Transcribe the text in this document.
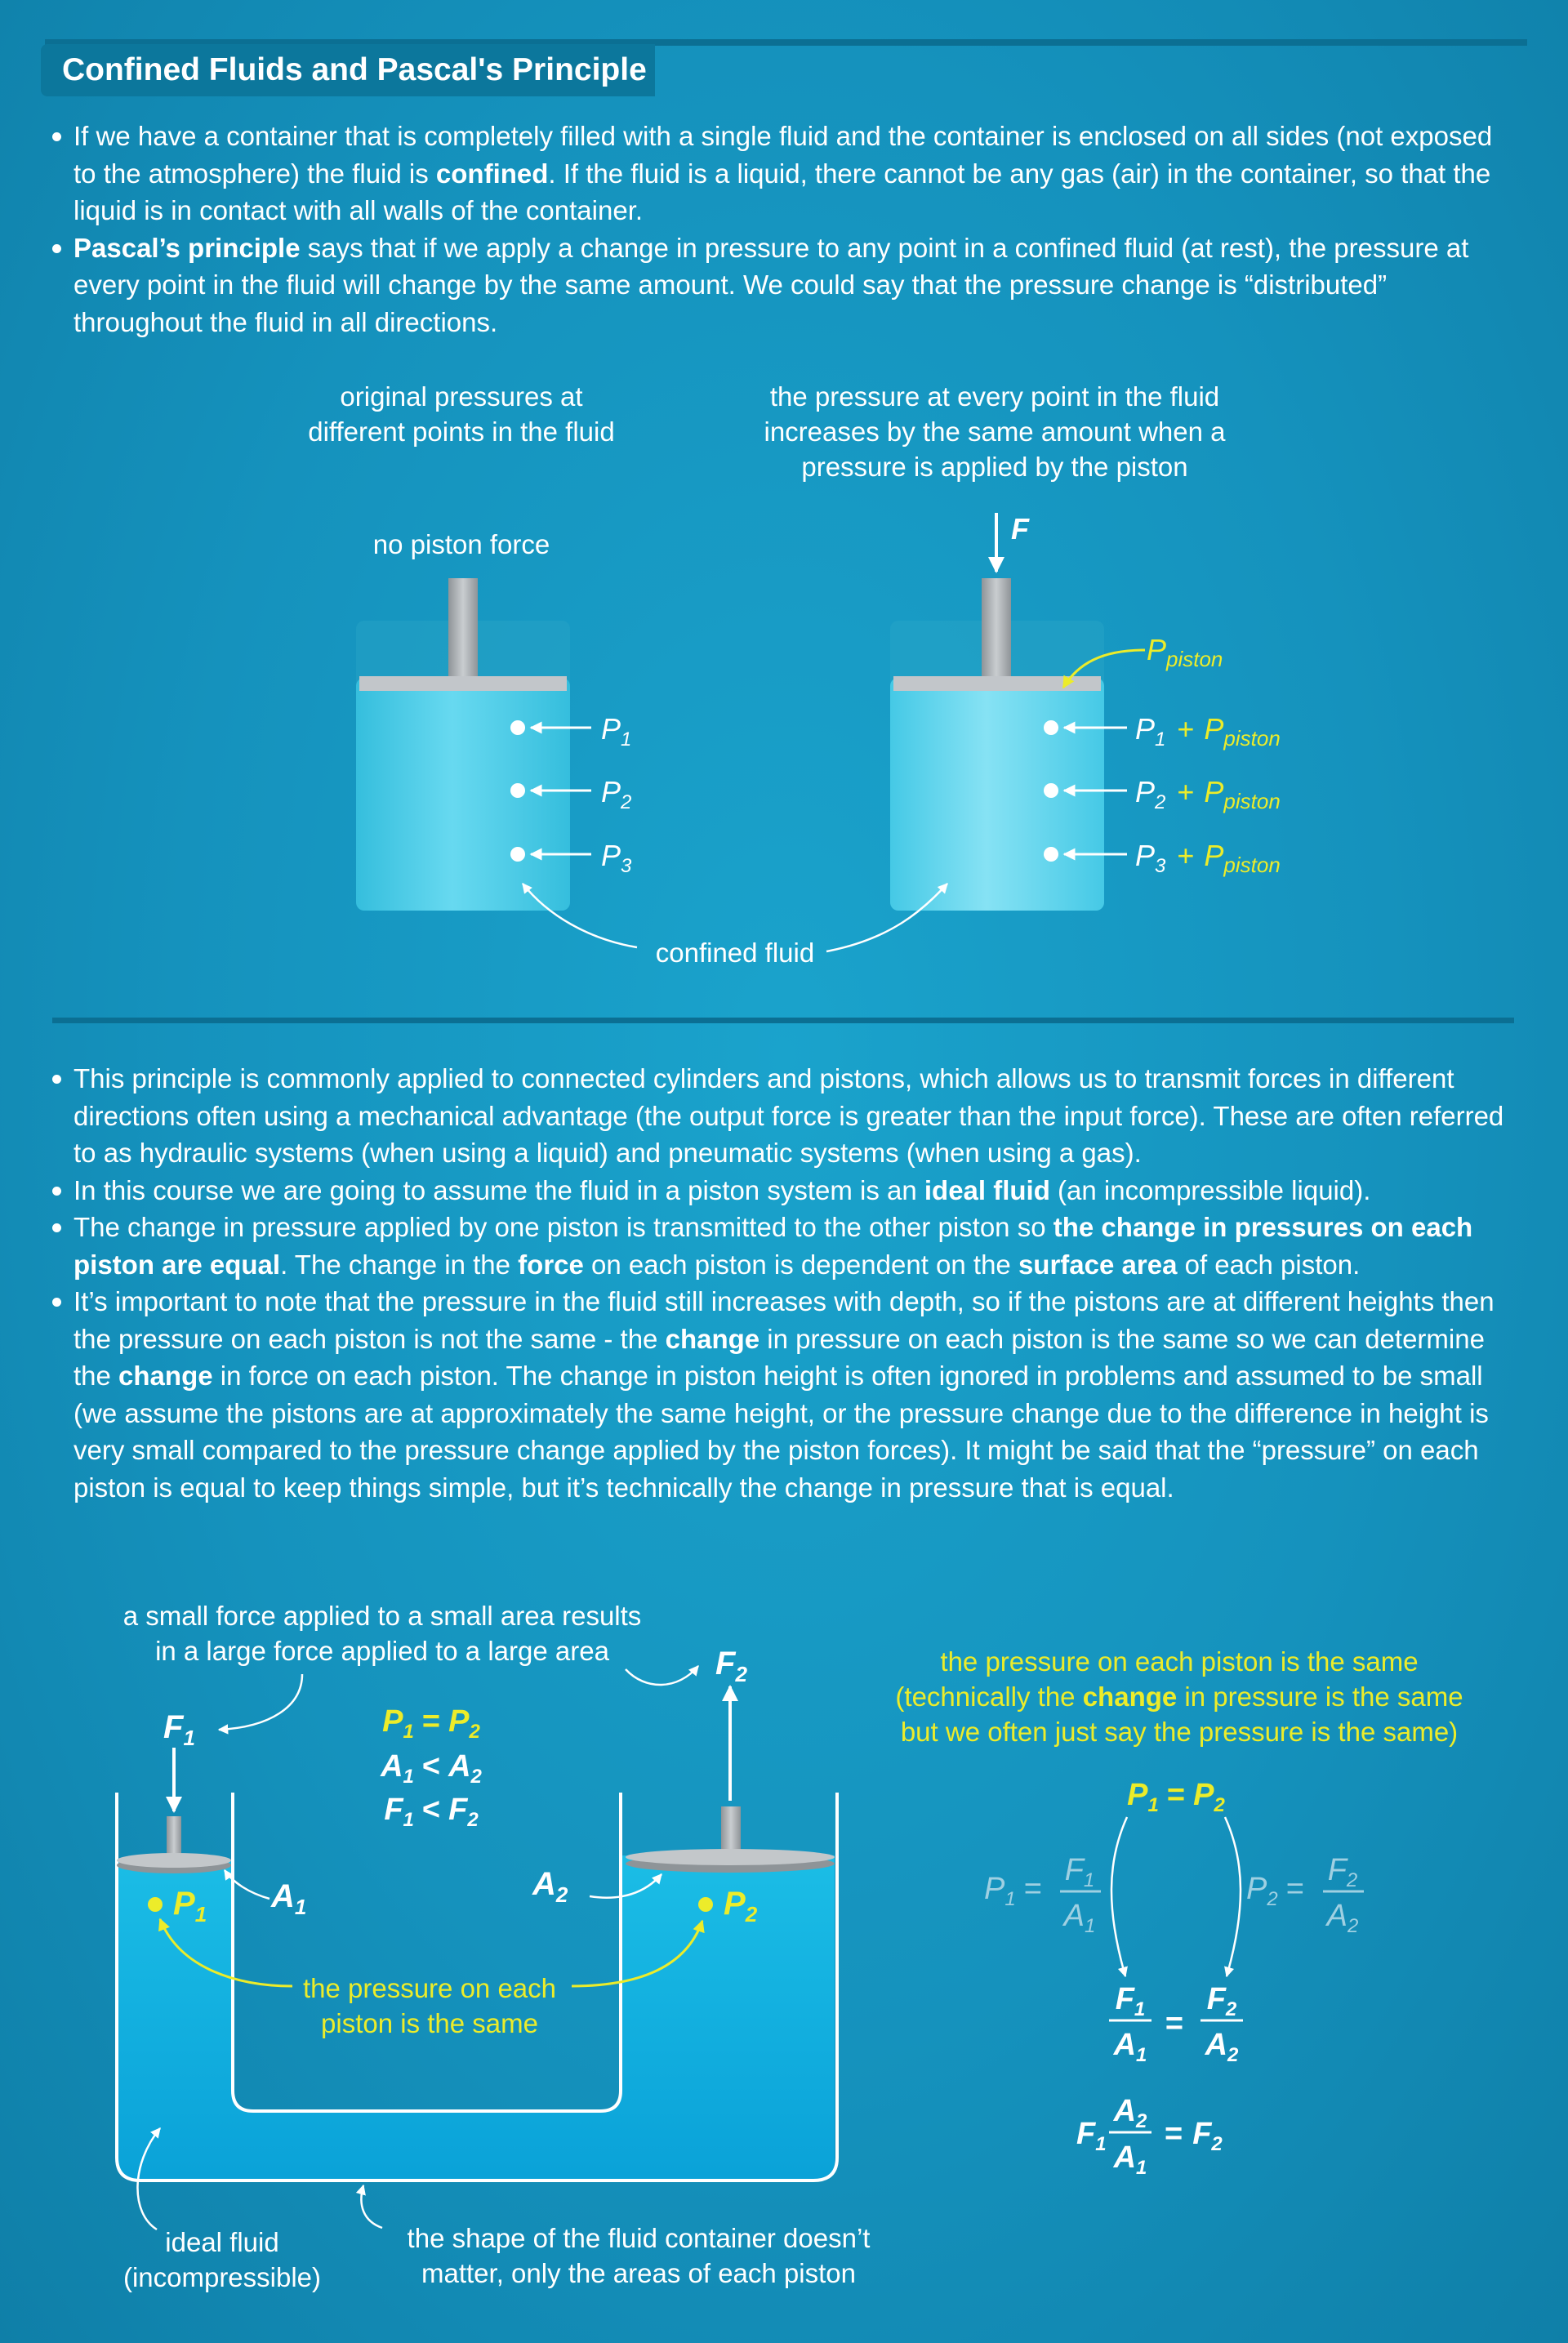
Confined Fluids and Pascal's Principle
If we have a container that is completely filled with a single fluid and the container is enclosed on all sides (not exposed to the atmosphere) the fluid is confined. If the fluid is a liquid, there cannot be any gas (air) in the container, so that the liquid is in contact with all walls of the container.
Pascal’s principle says that if we apply a change in pressure to any point in a confined fluid (at rest), the pressure at every point in the fluid will change by the same amount. We could say that the pressure change is “distributed” throughout the fluid in all directions.
This principle is commonly applied to connected cylinders and pistons, which allows us to transmit forces in different directions often using a mechanical advantage (the output force is greater than the input force). These are often referred to as hydraulic systems (when using a liquid) and pneumatic systems (when using a gas).
In this course we are going to assume the fluid in a piston system is an ideal fluid (an incompressible liquid).
The change in pressure applied by one piston is transmitted to the other piston so the change in pressures on each piston are equal. The change in the force on each piston is dependent on the surface area of each piston.
It’s important to note that the pressure in the fluid still increases with depth, so if the pistons are at different heights then the pressure on each piston is not the same - the change in pressure on each piston is the same so we can determine the change in force on each piston. The change in piston height is often ignored in problems and assumed to be small (we assume the pistons are at approximately the same height, or the pressure change due to the difference in height is very small compared to the pressure change applied by the piston forces). It might be said that the “pressure” on each piston is equal to keep things simple, but it’s technically the change in pressure that is equal.
original pressures at
different points in the fluid
the pressure at every point in the fluid
increases by the same amount when a
pressure is applied by the piston
no piston force
$P_1$
$P_2$
$P_3$
F
$P_{piston}$
$P_1 + P_{piston}$
$P_2 + P_{piston}$
$P_3 + P_{piston}$
confined fluid
$F_1$
$F_2$
a small force applied to a small area results
in a large force applied to a large area
$P_1 = P_2$
$A_1 < A_2$
$F_1 < F_2$
$A_1$
$A_2$
$P_1$	$P_2$
the pressure on each
piston is the same
ideal fluid
(incompressible)
the shape of the fluid container doesn’t
matter, only the areas of each piston
the pressure on each piston is the same
(technically the change in pressure is the same
but we often just say the pressure is the same)
$P_1 = P_2$
$P_1$ =
$F_1$
$A_1$
$P_2$ =
$F_2$
$A_2$
$F_1$
$A_1$
=
$F_2$
$A_2$
$F_1$
$A_2$
$A_1$
= $F_2$
